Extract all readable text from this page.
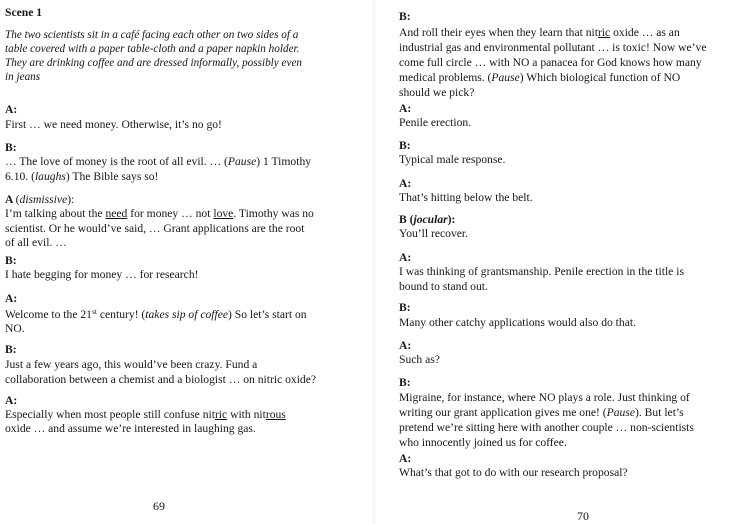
Scene 1

The two scientists sit in a café facing each other on two sides of a

table covered with a paper table-cloth and a paper napkin holder.

They are drinking coffee and are dressed informally, possibly even

in jeans

A:

First … we need money. Otherwise, it’s no go!

B:

… The love of money is the root of all evil. … (Pause) 1 Timothy

6.10. (laughs) The Bible says so!

A (dismissive):

I’m talking about the need for money … not love. Timothy was no

scientist. Or he would’ve said, … Grant applications are the root

of all evil. …

B:

I hate begging for money … for research!

A:

Welcome to the 21st century! (takes sip of coffee) So let’s start on

NO.

B:

Just a few years ago, this would’ve been crazy. Fund a

collaboration between a chemist and a biologist … on nitric oxide?

A:

Especially when most people still confuse nitric with nitrous

oxide … and assume we’re interested in laughing gas.

69

B:

And roll their eyes when they learn that nitric oxide … as an

industrial gas and environmental pollutant … is toxic! Now we’ve

come full circle … with NO a panacea for God knows how many

medical problems. (Pause) Which biological function of NO

should we pick?

A:

Penile erection.

B:

Typical male response.

A:

That’s hitting below the belt.

B (jocular):

You’ll recover.

A:

I was thinking of grantsmanship. Penile erection in the title is

bound to stand out.

B:

Many other catchy applications would also do that.

A:

Such as?

B:

Migraine, for instance, where NO plays a role. Just thinking of

writing our grant application gives me one! (Pause). But let’s

pretend we’re sitting here with another couple … non-scientists

who innocently joined us for coffee.

A:

What’s that got to do with our research proposal?

70
